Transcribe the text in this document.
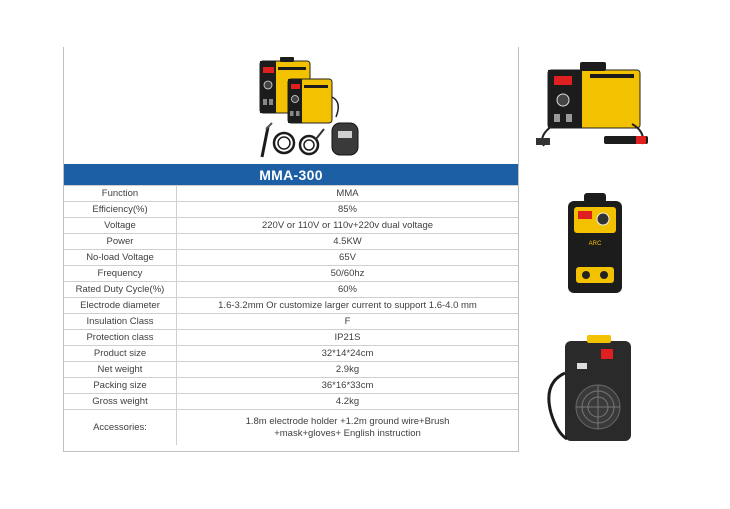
MMA-300
Function	MMA
Efficiency(%)	85%
Voltage	220V or 110V or 110v+220v dual voltage
Power	4.5KW
No-load Voltage	65V
Frequency	50/60hz
Rated Duty Cycle(%)	60%
Electrode diameter	1.6-3.2mm Or customize larger current to support 1.6-4.0 mm
Insulation Class	F
Protection class	IP21S
Product size	32*14*24cm
Net weight	2.9kg
Packing size	36*16*33cm
Gross weight	4.2kg
Accessories:	1.8m electrode holder +1.2m ground wire+Brush
+mask+gloves+ English instruction
ARC
